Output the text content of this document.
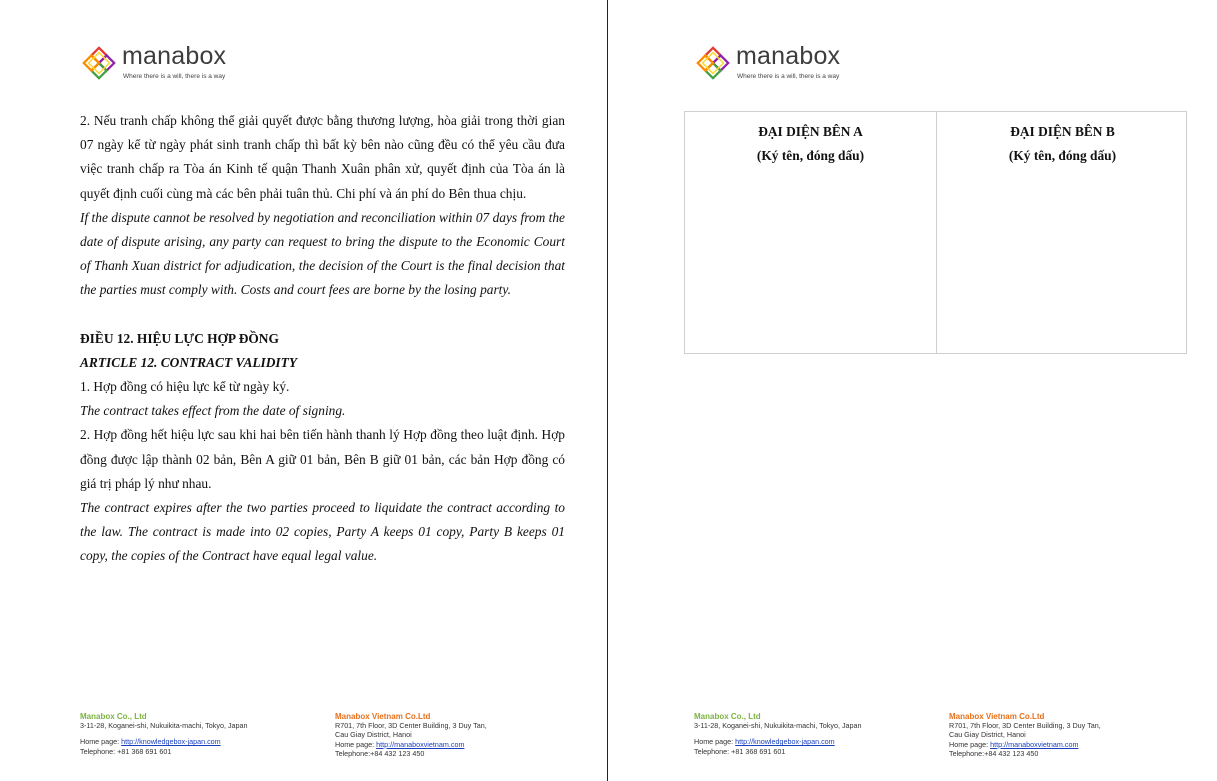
manabox
Where there is a will, there is a way

2. Nếu tranh chấp không thể giải quyết được bằng thương lượng, hòa giải trong thời gian 07 ngày kể từ ngày phát sinh tranh chấp thì bất kỳ bên nào cũng đều có thể yêu cầu đưa việc tranh chấp ra Tòa án Kinh tế quận Thanh Xuân phân xử, quyết định của Tòa án là quyết định cuối cùng mà các bên phải tuân thủ. Chi phí và án phí do Bên thua chịu.

If the dispute cannot be resolved by negotiation and reconciliation within 07 days from the date of dispute arising, any party can request to bring the dispute to the Economic Court of Thanh Xuan district for adjudication, the decision of the Court is the final decision that the parties must comply with. Costs and court fees are borne by the losing party.

ĐIỀU 12. HIỆU LỰC HỢP ĐỒNG

ARTICLE 12. CONTRACT VALIDITY

1. Hợp đồng có hiệu lực kể từ ngày ký.

The contract takes effect from the date of signing.

2. Hợp đồng hết hiệu lực sau khi hai bên tiến hành thanh lý Hợp đồng theo luật định. Hợp đồng được lập thành 02 bản, Bên A giữ 01 bản, Bên B giữ 01 bản, các bản Hợp đồng có giá trị pháp lý như nhau.

The contract expires after the two parties proceed to liquidate the contract according to the law. The contract is made into 02 copies, Party A keeps 01 copy, Party B keeps 01 copy, the copies of the Contract have equal legal value.

Manabox Co., Ltd
3-11-28, Koganei-shi, Nukuikita-machi, Tokyo, Japan
Home page: http://knowledgebox-japan.com
Telephone: +81 368 691 601
Manabox Vietnam Co.Ltd
R701, 7th Floor, 3D Center Building, 3 Duy Tan,
Cau Giay District, Hanoi
Home page: http://manaboxvietnam.com
Telephone:+84 432 123 450
manabox
Where there is a will, there is a way
ĐẠI DIỆN BÊN A
(Ký tên, đóng dấu)
ĐẠI DIỆN BÊN B
(Ký tên, đóng dấu)
Manabox Co., Ltd
3-11-28, Koganei-shi, Nukuikita-machi, Tokyo, Japan
Home page: http://knowledgebox-japan.com
Telephone: +81 368 691 601
Manabox Vietnam Co.Ltd
R701, 7th Floor, 3D Center Building, 3 Duy Tan,
Cau Giay District, Hanoi
Home page: http://manaboxvietnam.com
Telephone:+84 432 123 450
